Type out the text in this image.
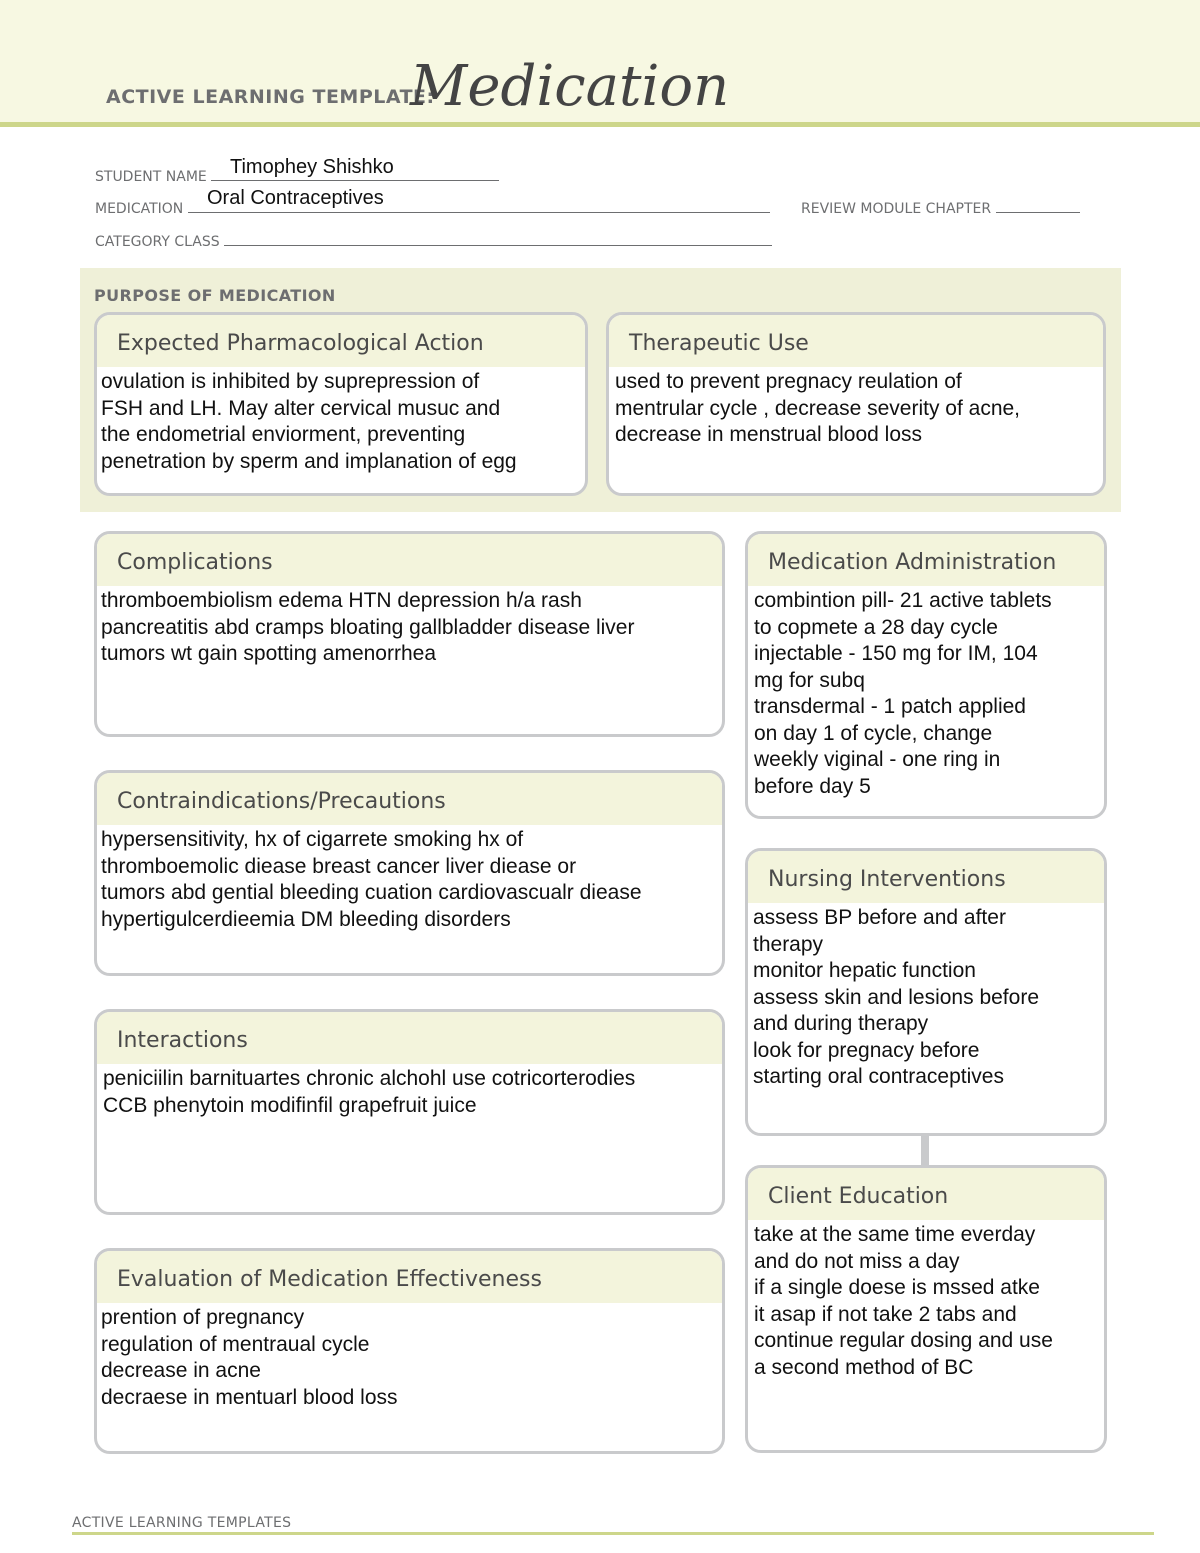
ACTIVE LEARNING TEMPLATE:
Medication
STUDENT NAME	Timophey Shishko
MEDICATION	Oral Contraceptives	REVIEW MODULE CHAPTER
CATEGORY CLASS
PURPOSE OF MEDICATION
Expected Pharmacological Action

ovulation is inhibited by suprepression of

FSH and LH. May alter cervical musuc and

the endometrial enviorment, preventing

penetration by sperm and implanation of egg

Therapeutic Use

used to prevent pregnacy reulation of

mentrular cycle , decrease severity of acne,

decrease in menstrual blood loss

Complications

thromboembiolism edema HTN depression h/a rash

pancreatitis abd cramps bloating gallbladder disease liver

tumors wt gain spotting amenorrhea

Contraindications/Precautions

hypersensitivity, hx of cigarrete smoking hx of

thromboemolic diease breast cancer liver diease or

tumors abd gential bleeding cuation cardiovascualr diease

hypertigulcerdieemia DM bleeding disorders

Interactions

peniciilin barnituartes chronic alchohl use cotricorterodies

CCB phenytoin modifinfil grapefruit juice

Evaluation of Medication Effectiveness

prention of pregnancy

regulation of mentraual cycle

decrease in acne

decraese in mentuarl blood loss

Medication Administration

combintion pill- 21 active tablets

to copmete a 28 day cycle

injectable - 150 mg for IM, 104

mg for subq

transdermal - 1 patch applied

on day 1 of cycle, change

weekly viginal - one ring in

before day 5

Nursing Interventions

assess BP before and after

therapy

monitor hepatic function

assess skin and lesions before

and during therapy

look for pregnacy before

starting oral contraceptives

Client Education

take at the same time everday

and do not miss a day

if a single doese is mssed atke

it asap if not take 2 tabs and

continue regular dosing and use

a second method of BC

ACTIVE LEARNING TEMPLATES
